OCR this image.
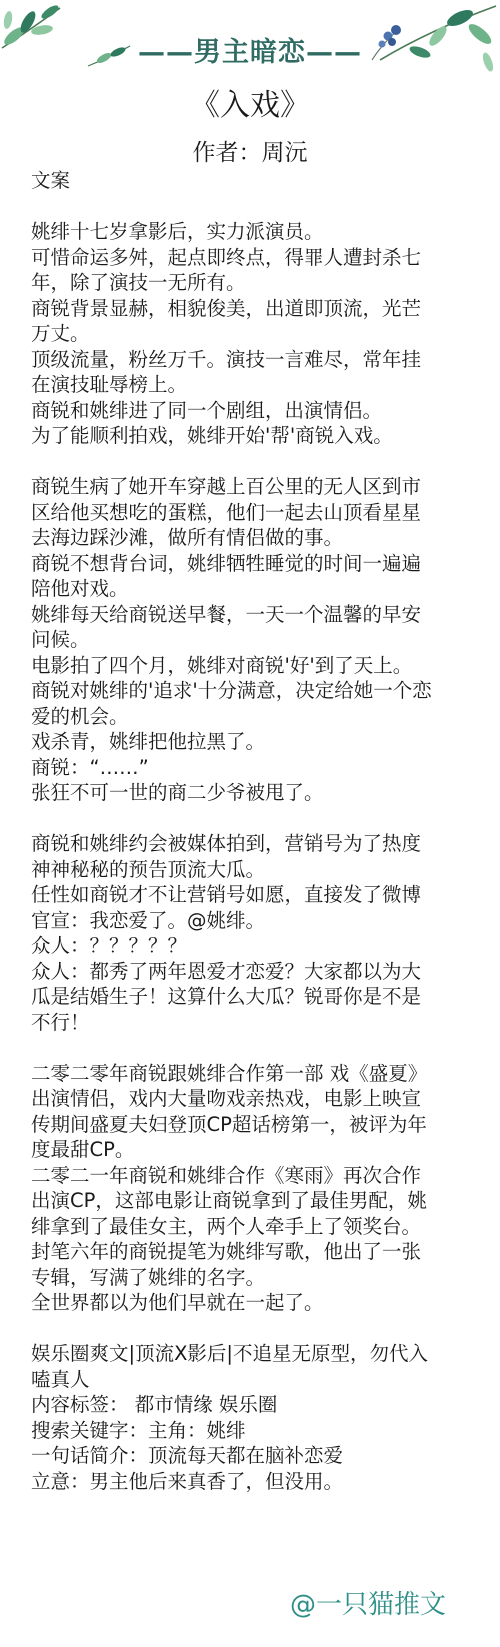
——男主暗恋——
《入戏》
作者：周沅
文案
姚绯十七岁拿影后，实力派演员。
可惜命运多舛，起点即终点，得罪人遭封杀七
年，除了演技一无所有。
商锐背景显赫，相貌俊美，出道即顶流，光芒
万丈。
顶级流量，粉丝万千。演技一言难尽，常年挂
在演技耻辱榜上。
商锐和姚绯进了同一个剧组，出演情侣。
为了能顺利拍戏，姚绯开始'帮'商锐入戏。
商锐生病了她开车穿越上百公里的无人区到市
区给他买想吃的蛋糕，他们一起去山顶看星星
去海边踩沙滩，做所有情侣做的事。
商锐不想背台词，姚绯牺牲睡觉的时间一遍遍
陪他对戏。
姚绯每天给商锐送早餐，一天一个温馨的早安
问候。
电影拍了四个月，姚绯对商锐'好'到了天上。
商锐对姚绯的'追求'十分满意，决定给她一个恋
爱的机会。
戏杀青，姚绯把他拉黑了。
商锐：“……”
张狂不可一世的商二少爷被甩了。
商锐和姚绯约会被媒体拍到，营销号为了热度
神神秘秘的预告顶流大瓜。
任性如商锐才不让营销号如愿，直接发了微博
官宣：我恋爱了。@姚绯。
众人：？？？？？
众人：都秀了两年恩爱才恋爱？大家都以为大
瓜是结婚生子！这算什么大瓜？锐哥你是不是
不行！
二零二零年商锐跟姚绯合作第一部 戏《盛夏》
出演情侣，戏内大量吻戏亲热戏，电影上映宣
传期间盛夏夫妇登顶CP超话榜第一，被评为年
度最甜CP。
二零二一年商锐和姚绯合作《寒雨》再次合作
出演CP，这部电影让商锐拿到了最佳男配，姚
绯拿到了最佳女主，两个人牵手上了领奖台。
封笔六年的商锐提笔为姚绯写歌，他出了一张
专辑，写满了姚绯的名字。
全世界都以为他们早就在一起了。
娱乐圈爽文|顶流X影后|不追星无原型，勿代入
嗑真人
内容标签： 都市情缘 娱乐圈
搜索关键字：主角：姚绯
一句话简介：顶流每天都在脑补恋爱
立意：男主他后来真香了，但没用。
@一只猫推文
